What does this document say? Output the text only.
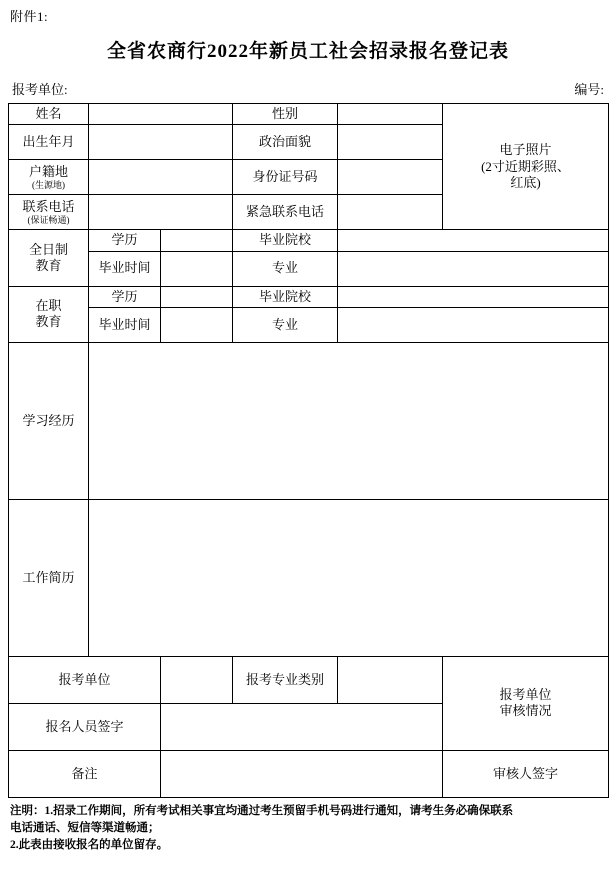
附件1:
全省农商行2022年新员工社会招录报名登记表
报考单位:	编号:
姓名			性别		电子照片
(2寸近期彩照、
红底)

出生年月			政治面貌		

户籍地
(生源地)			身份证号码		

联系电话
(保证畅通)			紧急联系电话		

全日制
教育	学历		毕业院校		
	毕业时间		专业		

在职
教育	学历		毕业院校		
	毕业时间		专业		
学习经历					
工作简历					
报考单位			报考专业类别		报考单位
审核情况

报名人员签字					
备注					审核人签字
注明：1.招录工作期间，所有考试相关事宜均通过考生预留手机号码进行通知，请考生务必确保联系
电话通话、短信等渠道畅通；
2.此表由接收报名的单位留存。
